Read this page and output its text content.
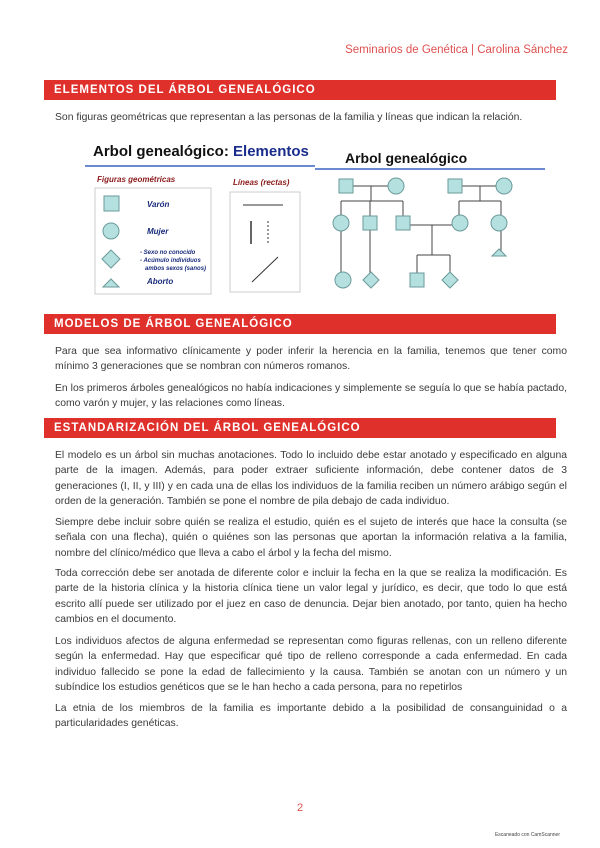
Seminarios de Genética | Carolina Sánchez
ELEMENTOS DEL ÁRBOL GENEALÓGICO
Son figuras geométricas que representan a las personas de la familia y líneas que indican la relación.
Arbol genealógico: Elementos
Figuras geométricas	Líneas (rectas)
Varón
Mujer
- Sexo no conocido
- Acúmulo individuos
ambos sexos (sanos)
Aborto
Arbol genealógico
MODELOS DE ÁRBOL GENEALÓGICO
Para que sea informativo clínicamente y poder inferir la herencia en la familia, tenemos que tener como mínimo 3 generaciones que se nombran con números romanos.
En los primeros árboles genealógicos no había indicaciones y simplemente se seguía lo que se había pactado, como varón y mujer, y las relaciones como líneas.
ESTANDARIZACIÓN DEL ÁRBOL GENEALÓGICO
El modelo es un árbol sin muchas anotaciones. Todo lo incluido debe estar anotado y especificado en alguna parte de la imagen. Además, para poder extraer suficiente información, debe contener datos de 3 generaciones (I, II, y III) y en cada una de ellas los individuos de la familia reciben un número arábigo según el orden de la generación. También se pone el nombre de pila debajo de cada individuo.
Siempre debe incluir sobre quién se realiza el estudio, quién es el sujeto de interés que hace la consulta (se señala con una flecha), quién o quiénes son las personas que aportan la información relativa a la familia, nombre del clínico/médico que lleva a cabo el árbol y la fecha del mismo.
Toda corrección debe ser anotada de diferente color e incluir la fecha en la que se realiza la modificación. Es parte de la historia clínica y la historia clínica tiene un valor legal y jurídico, es decir, que todo lo que está escrito allí puede ser utilizado por el juez en caso de denuncia. Dejar bien anotado, por tanto, quien ha hecho cambios en el documento.
Los individuos afectos de alguna enfermedad se representan como figuras rellenas, con un relleno diferente según la enfermedad. Hay que especificar qué tipo de relleno corresponde a cada enfermedad. En cada individuo fallecido se pone la edad de fallecimiento y la causa. También se anotan con un número y un subíndice los estudios genéticos que se le han hecho a cada persona, para no repetirlos
La etnia de los miembros de la familia es importante debido a la posibilidad de consanguinidad o a particularidades genéticas.
2
Escaneado con CamScanner
